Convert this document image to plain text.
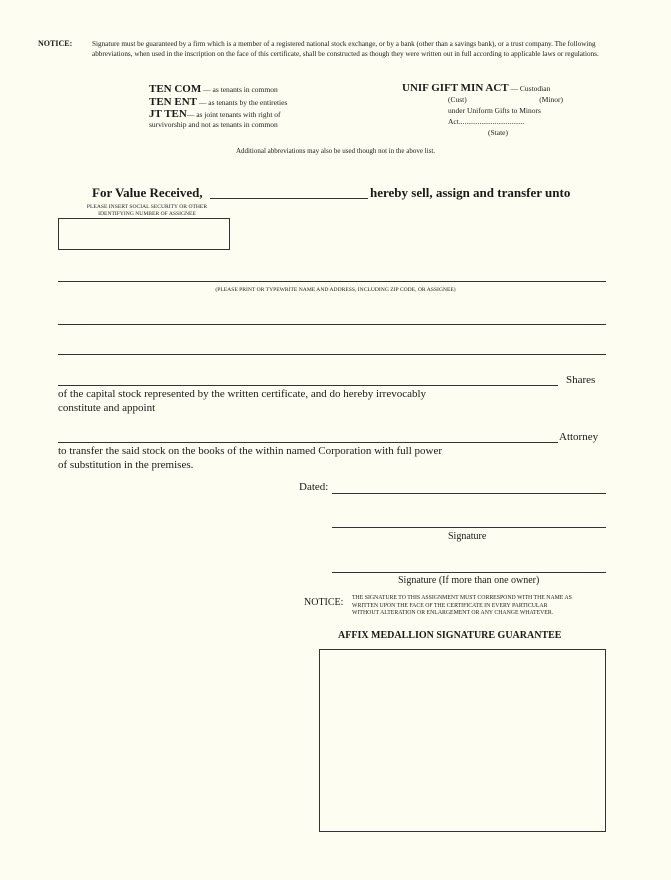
NOTICE:	Signature must be guaranteed by a firm which is a member of a registered national stock exchange, or by a bank (other than a savings bank), or a trust company. The following abbreviations, when used in the inscription on the face of this certificate, shall be constructed as though they were written out in full according to applicable laws or regulations.
TEN COM — as tenants in common
TEN ENT — as tenants by the entireties
JT TEN— as joint tenants with right of
survivorship and not as tenants in common
UNIF GIFT MIN ACT — Custodian
(Cust)	(Minor)
under Uniform Gifts to Minors
Act...................................
(State)
Additional abbreviations may also be used though not in the above list.
For Value Received,	hereby sell, assign and transfer unto
PLEASE INSERT SOCIAL SECURITY OR OTHER
IDENTIFYING NUMBER OF ASSIGNEE
(PLEASE PRINT OR TYPEWRITE NAME AND ADDRESS, INCLUDING ZIP CODE, OR ASSIGNEE)
Shares
of the capital stock represented by the written certificate, and do hereby irrevocably
constitute and appoint
Attorney
to transfer the said stock on the books of the within named Corporation with full power
of substitution in the premises.
Dated:
Signature
Signature (If more than one owner)
NOTICE: THE SIGNATURE TO THIS ASSIGNMENT MUST CORRESPOND WITH THE NAME AS
WRITTEN UPON THE FACE OF THE CERTIFICATE IN EVERY PARTICULAR
WITHOUT ALTERATION OR ENLARGEMENT OR ANY CHANGE WHATEVER.
AFFIX MEDALLION SIGNATURE GUARANTEE
